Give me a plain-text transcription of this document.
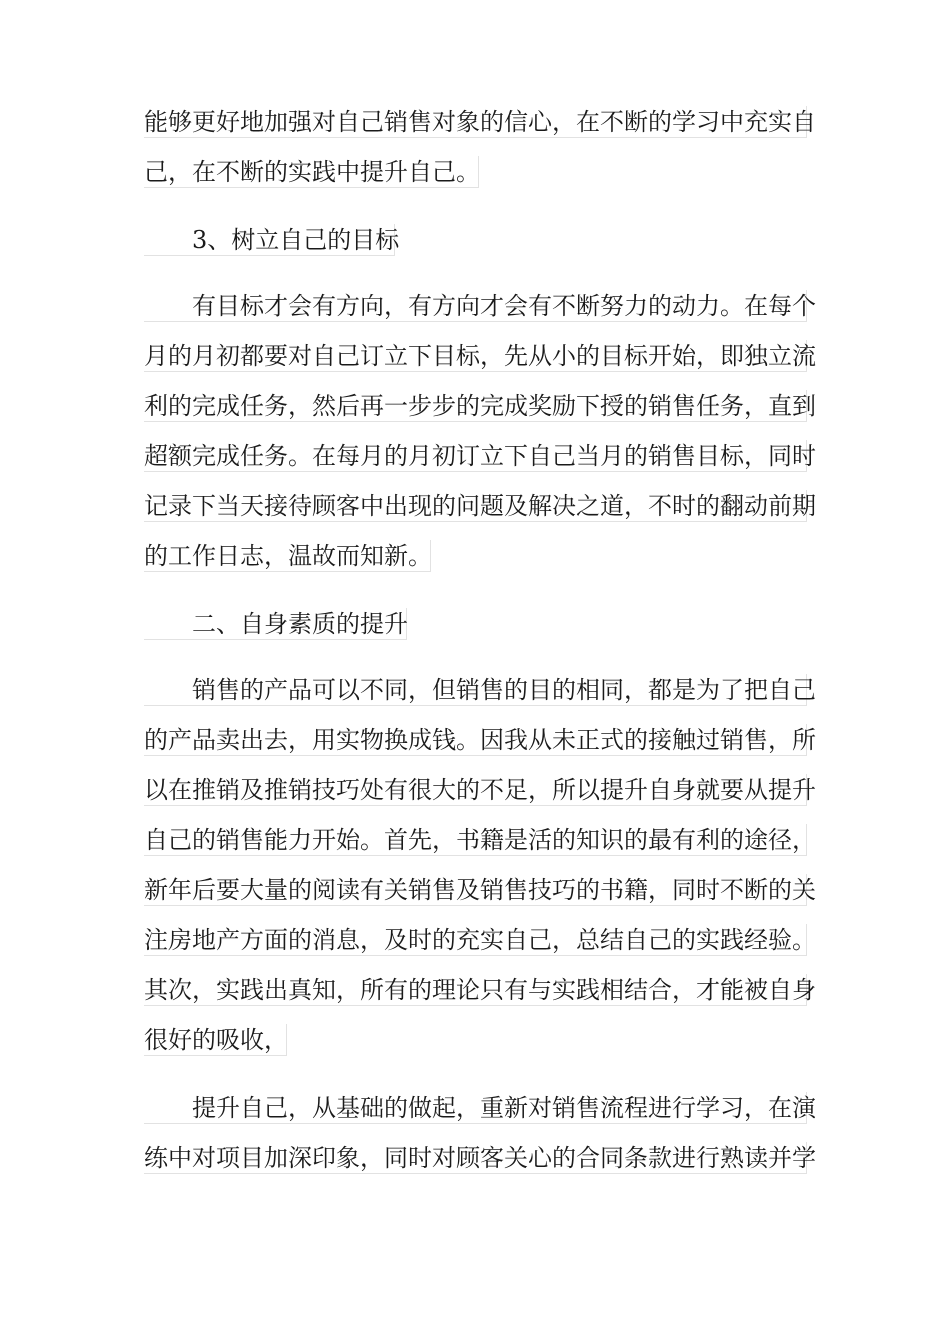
能够更好地加强对自己销售对象的信心，在不断的学习中充实自
己，在不断的实践中提升自己。
3、树立自己的目标
有目标才会有方向，有方向才会有不断努力的动力。在每个
月的月初都要对自己订立下目标，先从小的目标开始，即独立流
利的完成任务，然后再一步步的完成奖励下授的销售任务，直到
超额完成任务。在每月的月初订立下自己当月的销售目标，同时
记录下当天接待顾客中出现的问题及解决之道，不时的翻动前期
的工作日志，温故而知新。
二、自身素质的提升
销售的产品可以不同，但销售的目的相同，都是为了把自己
的产品卖出去，用实物换成钱。因我从未正式的接触过销售，所
以在推销及推销技巧处有很大的不足，所以提升自身就要从提升
自己的销售能力开始。首先，书籍是活的知识的最有利的途径，
新年后要大量的阅读有关销售及销售技巧的书籍，同时不断的关
注房地产方面的消息，及时的充实自己，总结自己的实践经验。
其次，实践出真知，所有的理论只有与实践相结合，才能被自身
很好的吸收，
提升自己，从基础的做起，重新对销售流程进行学习，在演
练中对项目加深印象，同时对顾客关心的合同条款进行熟读并学
